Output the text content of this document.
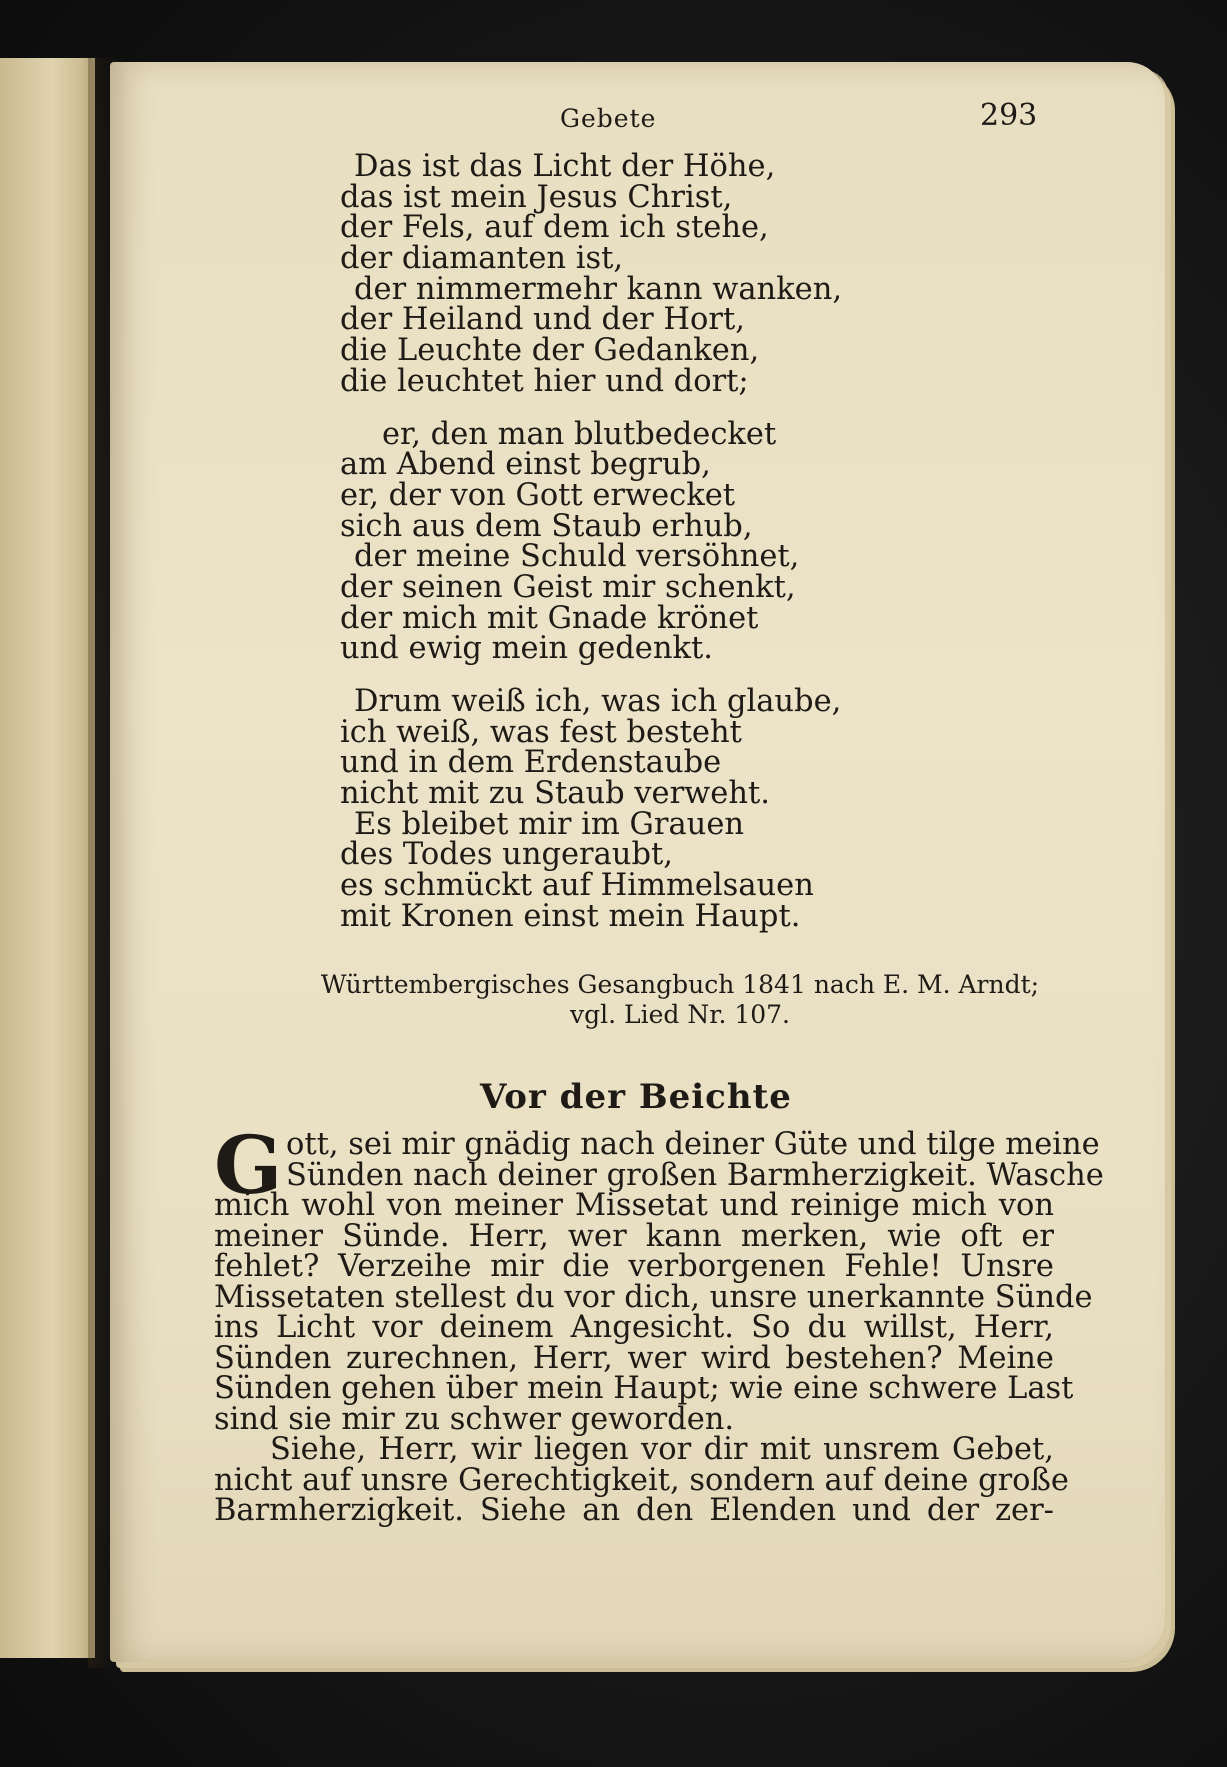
Gebete	293
Das ist das Licht der Höhe,
das ist mein Jesus Christ,
der Fels, auf dem ich stehe,
der diamanten ist,
der nimmermehr kann wanken,
der Heiland und der Hort,
die Leuchte der Gedanken,
die leuchtet hier und dort;
er, den man blutbedecket
am Abend einst begrub,
er, der von Gott erwecket
sich aus dem Staub erhub,
der meine Schuld versöhnet,
der seinen Geist mir schenkt,
der mich mit Gnade krönet
und ewig mein gedenkt.
Drum weiß ich, was ich glaube,
ich weiß, was fest besteht
und in dem Erdenstaube
nicht mit zu Staub verweht.
Es bleibet mir im Grauen
des Todes ungeraubt,
es schmückt auf Himmelsauen
mit Kronen einst mein Haupt.
Württembergisches Gesangbuch 1841 nach E. M. Arndt;
vgl. Lied Nr. 107.
Vor der Beichte
G ott, sei mir gnädig nach deiner Güte und tilge meine
Sünden nach deiner großen Barmherzigkeit. Wasche
mich wohl von meiner Missetat und reinige mich von
meiner Sünde. Herr, wer kann merken, wie oft er
fehlet? Verzeihe mir die verborgenen Fehle! Unsre
Missetaten stellest du vor dich, unsre unerkannte Sünde
ins Licht vor deinem Angesicht. So du willst, Herr,
Sünden zurechnen, Herr, wer wird bestehen? Meine
Sünden gehen über mein Haupt; wie eine schwere Last
sind sie mir zu schwer geworden.
Siehe, Herr, wir liegen vor dir mit unsrem Gebet,
nicht auf unsre Gerechtigkeit, sondern auf deine große
Barmherzigkeit. Siehe an den Elenden und der zer-
